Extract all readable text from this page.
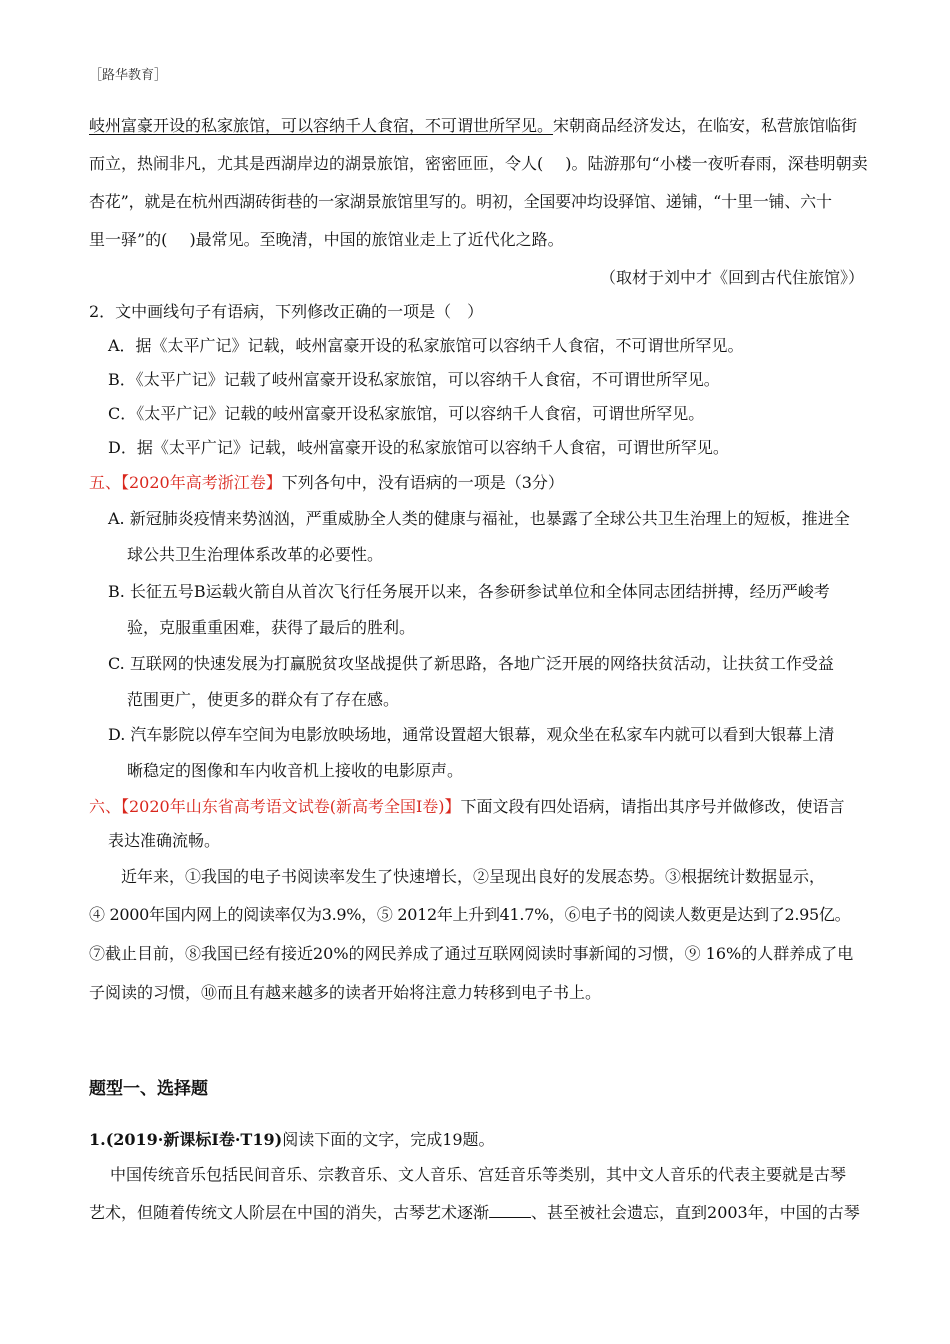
［路华教育］
岐州富豪开设的私家旅馆，可以容纳千人食宿，不可谓世所罕见。宋朝商品经济发达，在临安，私营旅馆临街
而立，热闹非凡，尤其是西湖岸边的湖景旅馆，密密匝匝，令人( )。陆游那句“小楼一夜听春雨，深巷明朝卖
杏花”，就是在杭州西湖砖街巷的一家湖景旅馆里写的。明初，全国要冲均设驿馆、递铺，“十里一铺、六十
里一驿”的( )最常见。至晚清，中国的旅馆业走上了近代化之路。
（取材于刘中才《回到古代住旅馆》）
2．文中画线句子有语病，下列修改正确的一项是（　）
A．据《太平广记》记载，岐州富豪开设的私家旅馆可以容纳千人食宿，不可谓世所罕见。
B．《太平广记》记载了岐州富豪开设私家旅馆，可以容纳千人食宿，不可谓世所罕见。
C．《太平广记》记载的岐州富豪开设私家旅馆，可以容纳千人食宿，可谓世所罕见。
D．据《太平广记》记载，岐州富豪开设的私家旅馆可以容纳千人食宿，可谓世所罕见。
五、【2020年高考浙江卷】下列各句中，没有语病的一项是（3分）
A. 新冠肺炎疫情来势汹汹，严重威胁全人类的健康与福祉，也暴露了全球公共卫生治理上的短板，推进全
球公共卫生治理体系改革的必要性。
B. 长征五号B运载火箭自从首次飞行任务展开以来，各参研参试单位和全体同志团结拼搏，经历严峻考
验，克服重重困难，获得了最后的胜利。
C. 互联网的快速发展为打赢脱贫攻坚战提供了新思路，各地广泛开展的网络扶贫活动，让扶贫工作受益
范围更广，使更多的群众有了存在感。
D. 汽车影院以停车空间为电影放映场地，通常设置超大银幕，观众坐在私家车内就可以看到大银幕上清
晰稳定的图像和车内收音机上接收的电影原声。
六、【2020年山东省高考语文试卷(新高考全国Ⅰ卷)】下面文段有四处语病，请指出其序号并做修改，使语言
表达准确流畅。
近年来，①我国的电子书阅读率发生了快速增长，②呈现出良好的发展态势。③根据统计数据显示，
④ 2000年国内网上的阅读率仅为3.9%，⑤ 2012年上升到41.7%，⑥电子书的阅读人数更是达到了2.95亿。
⑦截止目前，⑧我国已经有接近20%的网民养成了通过互联网阅读时事新闻的习惯，⑨ 16%的人群养成了电
子阅读的习惯，⑩而且有越来越多的读者开始将注意力转移到电子书上。
题型一、选择题
1.(2019·新课标Ⅰ卷·T19)阅读下面的文字，完成19题。
中国传统音乐包括民间音乐、宗教音乐、文人音乐、宫廷音乐等类别，其中文人音乐的代表主要就是古琴
艺术，但随着传统文人阶层在中国的消失，古琴艺术逐渐	、甚至被社会遗忘，直到2003年，中国的古琴
